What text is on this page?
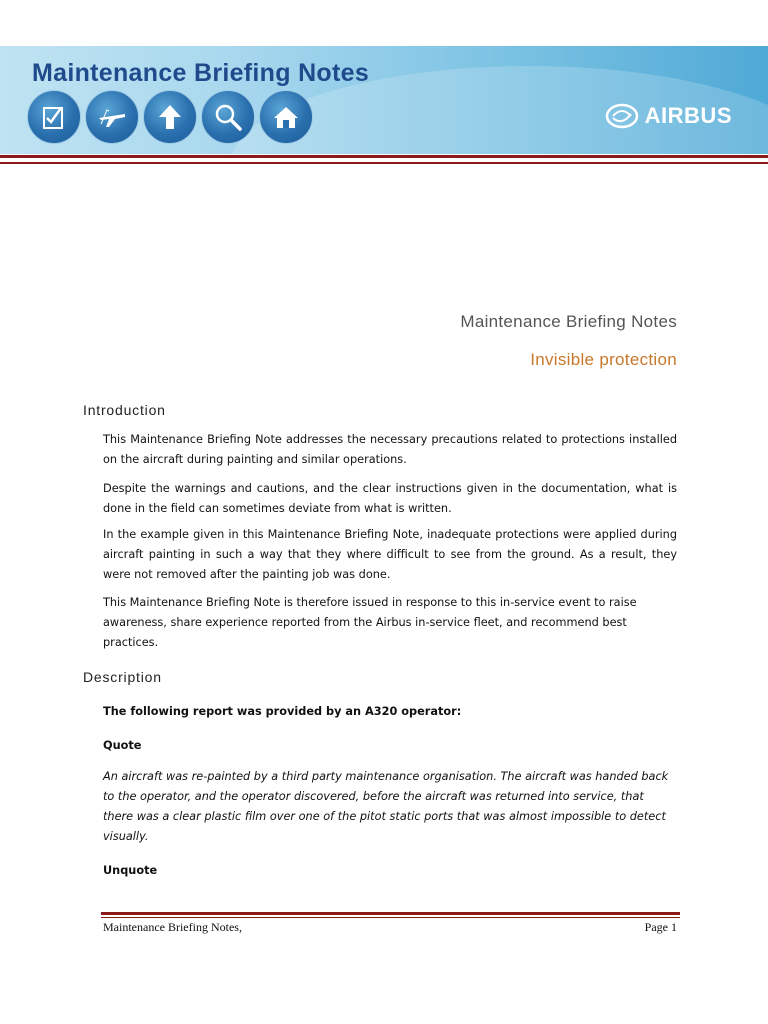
Maintenance Briefing Notes
AIRBUS
Maintenance Briefing Notes
Invisible protection
Introduction

This Maintenance Briefing Note addresses the necessary precautions related to protections installed on the aircraft during painting and similar operations.

Despite the warnings and cautions, and the clear instructions given in the documentation, what is done in the field can sometimes deviate from what is written.

In the example given in this Maintenance Briefing Note, inadequate protections were applied during aircraft painting in such a way that they where difficult to see from the ground. As a result, they were not removed after the painting job was done.

This Maintenance Briefing Note is therefore issued in response to this in-service event to raise awareness, share experience reported from the Airbus in-service fleet, and recommend best practices.

Description

The following report was provided by an A320 operator:

Quote

An aircraft was re-painted by a third party maintenance organisation. The aircraft was handed back to the operator, and the operator discovered, before the aircraft was returned into service, that there was a clear plastic film over one of the pitot static ports that was almost impossible to detect visually.

Unquote

Maintenance Briefing Notes,	Page 1
